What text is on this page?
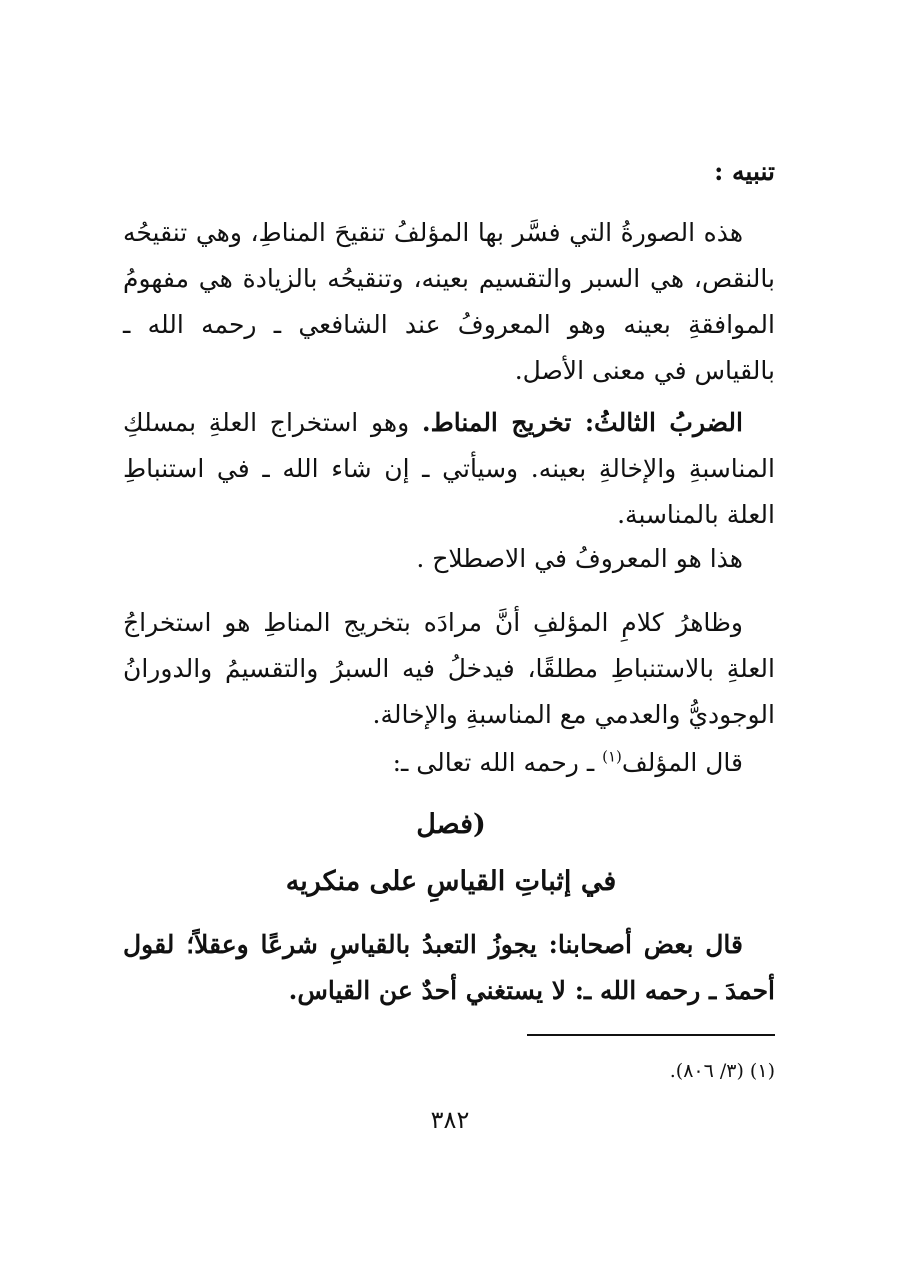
تنبيه :
هذه الصورةُ التي فسَّر بها المؤلفُ تنقيحَ المناطِ، وهي تنقيحُه بالنقص، هي السبر والتقسيم بعينه، وتنقيحُه بالزيادة هي مفهومُ الموافقةِ بعينه وهو المعروفُ عند الشافعي ـ رحمه الله ـ بالقياس في معنى الأصل.
الضربُ الثالثُ: تخريج المناط. وهو استخراج العلةِ بمسلكِ المناسبةِ والإخالةِ بعينه. وسيأتي ـ إن شاء الله ـ في استنباطِ العلة بالمناسبة.
هذا هو المعروفُ في الاصطلاح .
وظاهرُ كلامِ المؤلفِ أنَّ مرادَه بتخريج المناطِ هو استخراجُ العلةِ بالاستنباطِ مطلقًا، فيدخلُ فيه السبرُ والتقسيمُ والدورانُ الوجوديُّ والعدمي مع المناسبةِ والإخالة.
قال المؤلف$^{(١)}$ ـ رحمه الله تعالى ـ:
(فصل
في إثباتِ القياسِ على منكريه
قال بعض أصحابنا: يجوزُ التعبدُ بالقياسِ شرعًا وعقلاً؛ لقول أحمدَ ـ رحمه الله ـ: لا يستغني أحدٌ عن القياس.
(١) (٣/ ٨٠٦).
٣٨٢
